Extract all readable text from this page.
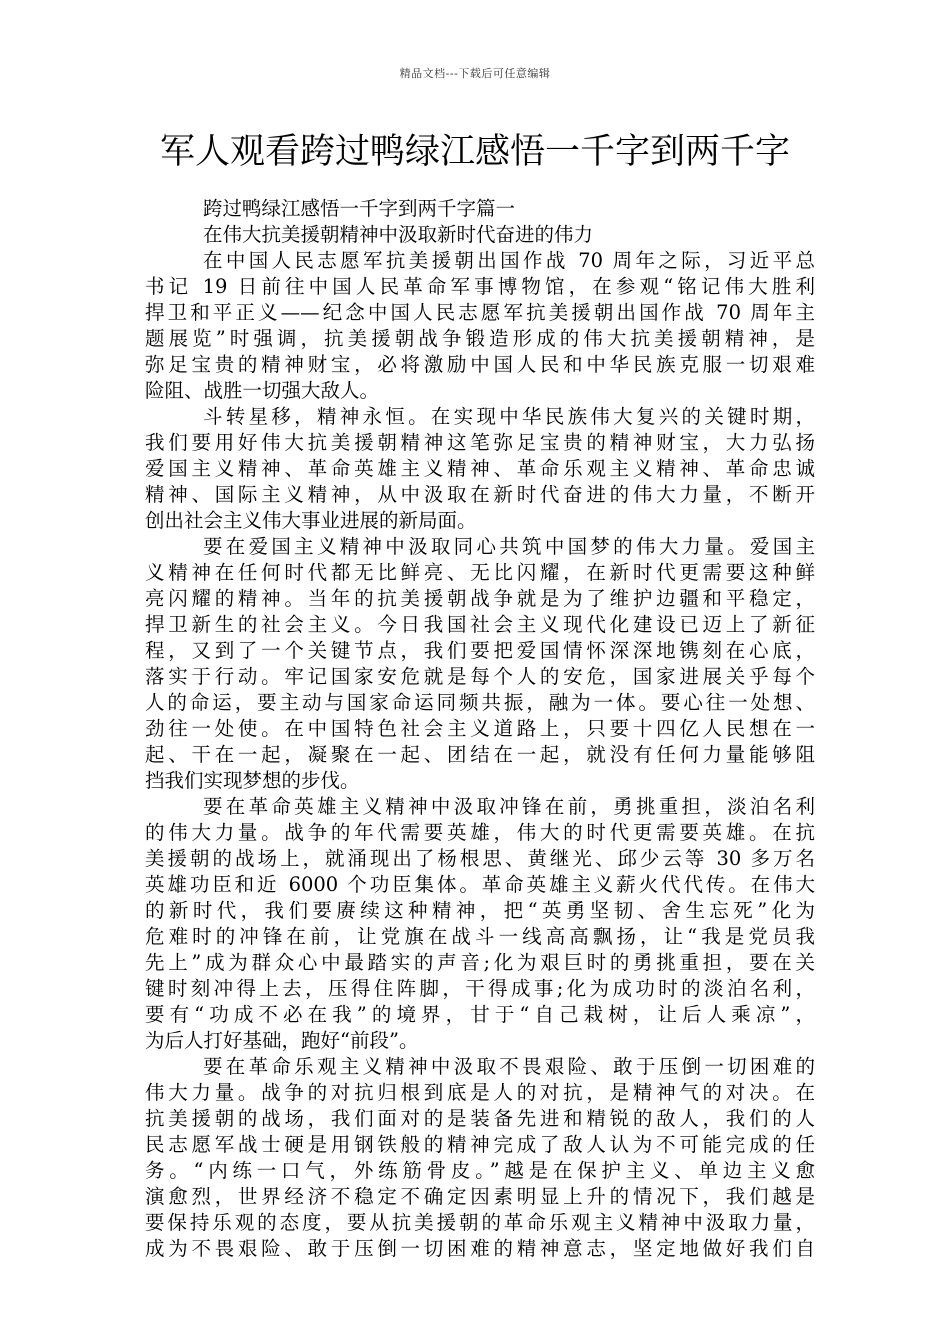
精品文档---下载后可任意编辑
军人观看跨过鸭绿江感悟一千字到两千字
跨过鸭绿江感悟一千字到两千字篇一
在伟大抗美援朝精神中汲取新时代奋进的伟力
在中国人民志愿军抗美援朝出国作战 70 周年之际，习近平总
书记 19 日前往中国人民革命军事博物馆，在参观“铭记伟大胜利
捍卫和平正义——纪念中国人民志愿军抗美援朝出国作战 70 周年主
题展览”时强调，抗美援朝战争锻造形成的伟大抗美援朝精神，是
弥足宝贵的精神财宝，必将激励中国人民和中华民族克服一切艰难
险阻、战胜一切强大敌人。
斗转星移，精神永恒。在实现中华民族伟大复兴的关键时期，
我们要用好伟大抗美援朝精神这笔弥足宝贵的精神财宝，大力弘扬
爱国主义精神、革命英雄主义精神、革命乐观主义精神、革命忠诚
精神、国际主义精神，从中汲取在新时代奋进的伟大力量，不断开
创出社会主义伟大事业进展的新局面。
要在爱国主义精神中汲取同心共筑中国梦的伟大力量。爱国主
义精神在任何时代都无比鲜亮、无比闪耀，在新时代更需要这种鲜
亮闪耀的精神。当年的抗美援朝战争就是为了维护边疆和平稳定，
捍卫新生的社会主义。今日我国社会主义现代化建设已迈上了新征
程，又到了一个关键节点，我们要把爱国情怀深深地镌刻在心底，
落实于行动。牢记国家安危就是每个人的安危，国家进展关乎每个
人的命运，要主动与国家命运同频共振，融为一体。要心往一处想、
劲往一处使。在中国特色社会主义道路上，只要十四亿人民想在一
起、干在一起，凝聚在一起、团结在一起，就没有任何力量能够阻
挡我们实现梦想的步伐。
要在革命英雄主义精神中汲取冲锋在前，勇挑重担，淡泊名利
的伟大力量。战争的年代需要英雄，伟大的时代更需要英雄。在抗
美援朝的战场上，就涌现出了杨根思、黄继光、邱少云等 30 多万名
英雄功臣和近 6000 个功臣集体。革命英雄主义薪火代代传。在伟大
的新时代，我们要赓续这种精神，把“英勇坚韧、舍生忘死”化为
危难时的冲锋在前，让党旗在战斗一线高高飘扬，让“我是党员我
先上”成为群众心中最踏实的声音;化为艰巨时的勇挑重担，要在关
键时刻冲得上去，压得住阵脚，干得成事;化为成功时的淡泊名利，
要有“功成不必在我”的境界，甘于“自己栽树，让后人乘凉”，
为后人打好基础，跑好“前段”。
要在革命乐观主义精神中汲取不畏艰险、敢于压倒一切困难的
伟大力量。战争的对抗归根到底是人的对抗，是精神气的对决。在
抗美援朝的战场，我们面对的是装备先进和精锐的敌人，我们的人
民志愿军战士硬是用钢铁般的精神完成了敌人认为不可能完成的任
务。“内练一口气，外练筋骨皮。”越是在保护主义、单边主义愈
演愈烈，世界经济不稳定不确定因素明显上升的情况下，我们越是
要保持乐观的态度，要从抗美援朝的革命乐观主义精神中汲取力量，
成为不畏艰险、敢于压倒一切困难的精神意志，坚定地做好我们自
